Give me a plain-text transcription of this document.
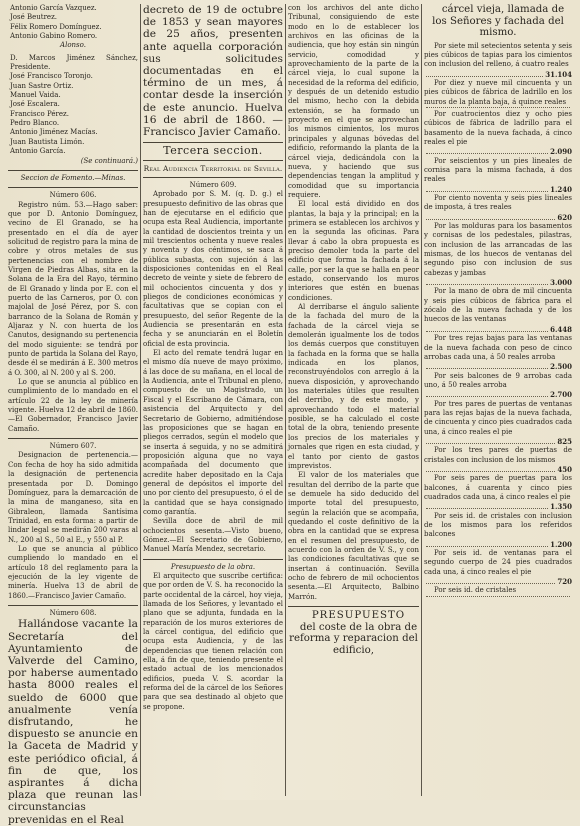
Antonio García Vazquez.

José Beutrez.

Félix Romero Domínguez.

Antonio Gabino Romero.

Alonso.

D. Marcos Jiménez Sánchez, Presidente.

José Francisco Toronjo.

Juan Sastre Ortiz.

Manuel Vaida.

José Escalera.

Francisco Pérez.

Pedro Blanco.

Antonio Jiménez Macías.

Juan Bautista Limón.

Antonio García.

(Se continuará.)

Seccion de Fomento.—Minas.

Número 606.

Registro núm. 53.—Hago saber: que por D. Antonio Domínguez, vecino de El Granado, se ha presentado en el día de ayer solicitud de registro para la mina de cobre y otros metales de sus pertenencias con el nombre de Virgen de Piedras Albas, sita en la Solana de la Era del Rayo, término de El Granado y linda por E. con el puerto de las Carneros, por O. con majolal de José Pérez, por S. con barranco de la Solana de Román y Aljaraz y N. con huerta de los Canutos, designando su pertenencia del modo siguiente: se tendrá por punto de partida la Solana del Rayo, desde él se medirán á E. 300 metros á O. 300, al N. 200 y al S. 200.

Lo que se anuncia al público en cumplimiento de lo mandado en el artículo 22 de la ley de minería vigente. Huelva 12 de abril de 1860.—El Gobernador, Francisco Javier Camaño.

Número 607.

Designacion de pertenencia.—Con fecha de hoy ha sido admitida la designación de pertenencia presentada por D. Domingo Domínguez, para la demarcación de la mina de manganeso, sita en Gibraleon, llamada Santísima Trinidad, en esta forma: a partir de lindar legal se medirán 200 varas al N., 200 al S., 50 al E., y 550 al P.

Lo que se anuncia al público cumpliendo lo mandado en el artículo 18 del reglamento para la ejecución de la ley vigente de minería. Huelva 13 de abril de 1860.—Francisco Javier Camaño.

Número 608.

Hallándose vacante la Secretaría del Ayuntamiento de Valverde del Camino, por haberse aumentado hasta 8000 reales el sueldo de 6000 que anualmente venía disfrutando, he dispuesto se anuncie en la Gaceta de Madrid y este periódico oficial, á fin de que, los aspirantes á dicha plaza que reunan las circunstancias prevenidas en el Real

decreto de 19 de octubre de 1853 y sean mayores de 25 años, presenten ante aquella corporación sus solicitudes documentadas en el término de un mes, á contar desde la inserción de este anuncio. Huelva 16 de abril de 1860. —Francisco Javier Camaño.

Tercera seccion.

Real Audiencia Territorial de Sevilla.

Número 609.

Aprobado por S. M. (q. D. g.) el presupuesto definitivo de las obras que han de ejecutarse en el edificio que ocupa esta Real Audiencia, importante la cantidad de doscientos treinta y un mil trescientos ochenta y nueve reales y noventa y dos céntimos, se saca á pública subasta, con sujeción á las disposiciones contenidas en el Real decreto de veinte y siete de febrero de mil ochocientos cincuenta y dos y pliegos de condiciones económicas y facultativas que se copian con el presupuesto, del señor Regente de la Audiencia se presentarán en esta fecha y se anunciarán en el Boletín oficial de esta provincia.

El acto del remate tendrá lugar en el mismo día nueve de mayo próximo, á las doce de su mañana, en el local de la Audiencia, ante el Tribunal en pleno, compuesto de un Magistrado, un Fiscal y el Escribano de Cámara, con asistencia del Arquitecto y del Secretario de Gobierno, admitiéndose las proposiciones que se hagan en pliegos cerrados, según el modelo que se inserta á seguida, y no se admitirá proposición alguna que no vaya acompañada del documento que acredite haber depositado en la Caja general de depósitos el importe del uno por ciento del presupuesto, ó el de la cantidad que se haya consignado como garantía.

Sevilla doce de abril de mil ochocientos sesenta.—Visto bueno, Gómez.—El Secretario de Gobierno, Manuel María Mendez, secretario.

Presupuesto de la obra.

El arquitecto que suscribe certifica: que por orden de V. S. ha reconocido la parte occidental de la cárcel, hoy vieja, llamada de los Señores, y levantado el plano que se adjunta, fundada en la reparación de los muros exteriores de la cárcel contigua, del edificio que ocupa esta Audiencia, y de las dependencias que tienen relación con ella, á fin de que, teniendo presente el estado actual de los mencionados edificios, pueda V. S. acordar la reforma del de la cárcel de los Señores para que sea destinado al objeto que se propone.

con los archivos del ante dicho Tribunal, consiguiendo de este modo en lo de establecer los archivos en las oficinas de la audiencia, que hoy están sin ningún servicio, comodidad y aprovechamiento de la parte de la cárcel vieja, lo cual supone la necesidad de la reforma del edificio, y después de un detenido estudio del mismo, hecho con la debida extensión, se ha formado un proyecto en el que se aprovechan los mismos cimientos, los muros principales y algunas bóvedas del edificio, reformando la planta de la cárcel vieja, dedicándola con la nueva, y haciendo que sus dependencias tengan la amplitud y comodidad que su importancia requiere.

El local está dividido en dos plantas, la baja y la principal; en la primera se establecen los archivos y en la segunda las oficinas. Para llevar á cabo la obra propuesta es preciso demoler toda la parte del edificio que forma la fachada á la calle, por ser la que se halla en peor estado, conservando los muros interiores que estén en buenas condiciones.

Al derribarse el ángulo saliente de la fachada del muro de la fachada de la cárcel vieja se demolerán igualmente los de todos los demás cuerpos que constituyen la fachada en la forma que se halla indicada en los planos, reconstruyéndolos con arreglo á la nueva disposición, y aprovechando los materiales útiles que resulten del derribo, y de este modo, y aprovechando todo el material posible, se ha calculado el coste total de la obra, teniendo presente los precios de los materiales y jornales que rigen en esta ciudad, y el tanto por ciento de gastos imprevistos.

El valor de los materiales que resultan del derribo de la parte que se demuele ha sido deducido del importe total del presupuesto, según la relación que se acompaña, quedando el coste definitivo de la obra en la cantidad que se expresa en el resumen del presupuesto, de acuerdo con la orden de V. S., y con las condiciones facultativas que se insertan á continuación. Sevilla ocho de febrero de mil ochocientos sesenta.—El Arquitecto, Balbino Marrón.

PRESUPUESTO

del coste de la obra de reforma y reparacion del edificio,

cárcel vieja, llamada de los Señores y fachada del mismo.

Por siete mil setecientos setenta y seis pies cúbicos de tapias para los cimientos con inclusion del relleno, á cuatro reales

31.104

Por diez y nueve mil cincuenta y un pies cúbicos de fábrica de ladrillo en los muros de la planta baja, á quince reales

Por cuatrocientos diez y ocho pies cúbicos de fábrica de ladrillo para el basamento de la nueva fachada, á cinco reales el pie

2.090

Por seiscientos y un pies lineales de cornisa para la misma fachada, á dos reales

1.240

Por ciento noventa y seis pies lineales de imposta, á tres reales

620

Por las molduras para los basamentos y cornisas de los pedestales, pilastras, con inclusion de las arrancadas de las mismas, de los huecos de ventanas del segundo piso con inclusion de sus cabezas y jambas

3.000

Por la mano de obra de mil cincuenta y seis pies cúbicos de fábrica para el zócalo de la nueva fachada y de los huecos de las ventanas

6.448

Por tres rejas bajas para las ventanas de la nueva fachada con peso de cinco arrobas cada una, á 50 reales arroba

2.500

Por seis balcones de 9 arrobas cada uno, á 50 reales arroba

2.700

Por tres pares de puertas de ventanas para las rejas bajas de la nueva fachada, de cincuenta y cinco pies cuadrados cada una, á cinco reales el pie

825

Por los tres pares de puertas de cristales con inclusion de los mismos

450

Por seis pares de puertas para los balcones, á cuarenta y cinco pies cuadrados cada una, á cinco reales el pie

1.350

Por seis id. de cristales con inclusion de los mismos para los referidos balcones

1.200

Por seis id. de ventanas para el segundo cuerpo de 24 pies cuadrados cada una, á cinco reales el pie

720

Por seis id. de cristales
